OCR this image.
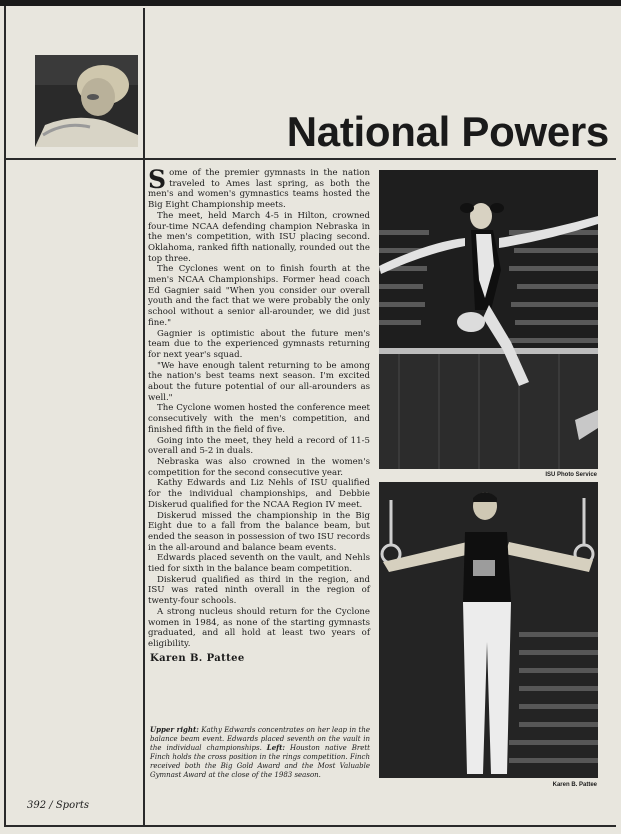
National Powers

Some of the premier gymnasts in the nation traveled to Ames last spring, as both the men's and women's gymnastics teams hosted the Big Eight Championship meets.

The meet, held March 4-5 in Hilton, crowned four-time NCAA defending champion Nebraska in the men's competition, with ISU placing second. Oklahoma, ranked fifth nationally, rounded out the top three.

The Cyclones went on to finish fourth at the men's NCAA Championships. Former head coach Ed Gagnier said "When you consider our overall youth and the fact that we were probably the only school without a senior all-arounder, we did just fine."

Gagnier is optimistic about the future men's team due to the experienced gymnasts returning for next year's squad.

"We have enough talent returning to be among the nation's best teams next season. I'm excited about the future potential of our all-arounders as well."

The Cyclone women hosted the conference meet consecutively with the men's competition, and finished fifth in the field of five.

Going into the meet, they held a record of 11-5 overall and 5-2 in duals.

Nebraska was also crowned in the women's competition for the second consecutive year.

Kathy Edwards and Liz Nehls of ISU qualified for the individual championships, and Debbie Diskerud qualified for the NCAA Region IV meet.

Diskerud missed the championship in the Big Eight due to a fall from the balance beam, but ended the season in possession of two ISU records in the all-around and balance beam events.

Edwards placed seventh on the vault, and Nehls tied for sixth in the balance beam competition.

Diskerud qualified as third in the region, and ISU was rated ninth overall in the region of twenty-four schools.

A strong nucleus should return for the Cyclone women in 1984, as none of the starting gymnasts graduated, and all hold at least two years of eligibility.

Karen B. Pattee
Upper right: Kathy Edwards concentrates on her leap in the balance beam event. Edwards placed seventh on the vault in the individual championships. Left: Houston native Brett Finch holds the cross position in the rings competition. Finch received both the Big Gold Award and the Most Valuable Gymnast Award at the close of the 1983 season.
ISU Photo Service
Karen B. Pattee
392 / Sports
